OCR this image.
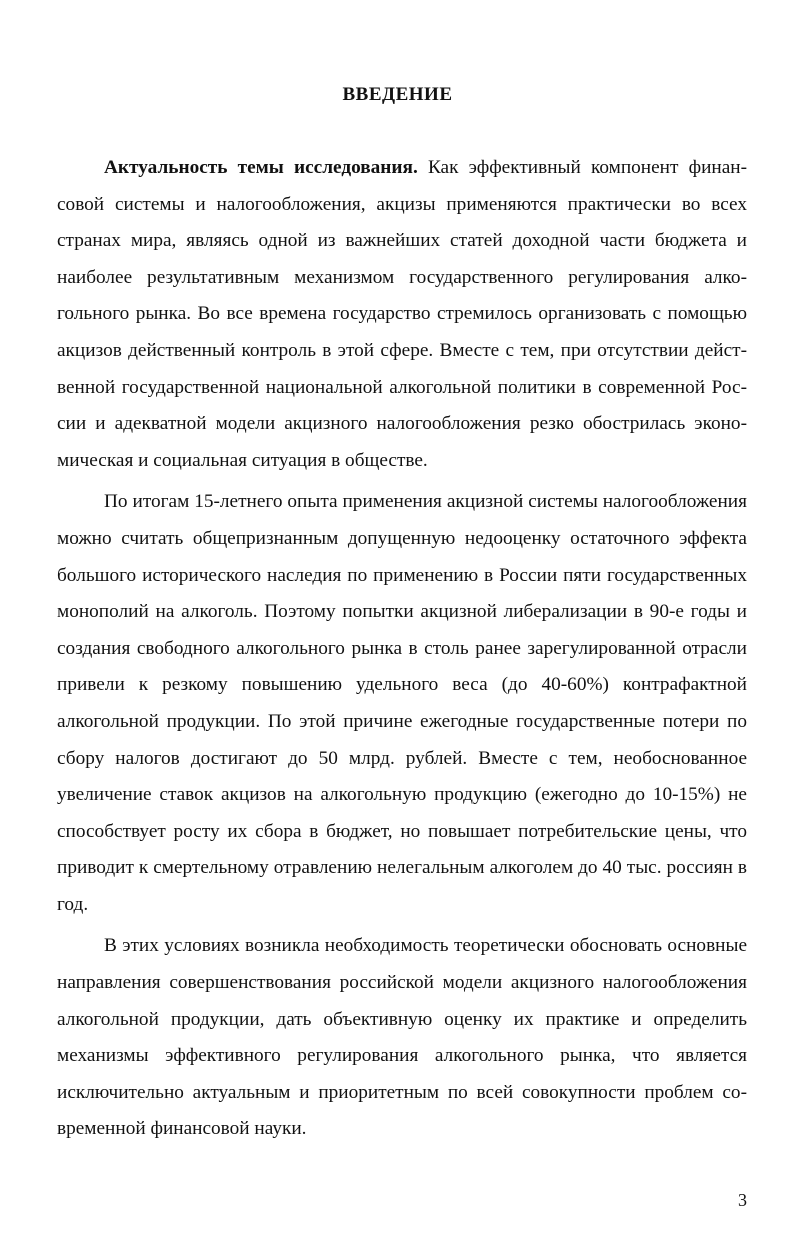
ВВЕДЕНИЕ

Актуальность темы исследования. Как эффективный компонент финансовой системы и налогообложения, акцизы применяются практически во всех странах мира, являясь одной из важнейших статей доходной части бюджета и наиболее результативным механизмом государственного регулирования алкогольного рынка. Во все времена государство стремилось организовать с помощью акцизов действенный контроль в этой сфере. Вместе с тем, при отсутствии действенной государственной национальной алкогольной политики в современной России и адекватной модели акцизного налогообложения резко обострилась экономическая и социальная ситуация в обществе.

По итогам 15-летнего опыта применения акцизной системы налогообложения можно считать общепризнанным допущенную недооценку остаточного эффекта большого исторического наследия по применению в России пяти государственных монополий на алкоголь. Поэтому попытки акцизной либерализации в 90-е годы и создания свободного алкогольного рынка в столь ранее зарегулированной отрасли привели к резкому повышению удельного веса (до 40-60%) контрафактной алкогольной продукции. По этой причине ежегодные государственные потери по сбору налогов достигают до 50 млрд. рублей. Вместе с тем, необоснованное увеличение ставок акцизов на алкогольную продукцию (ежегодно до 10-15%) не способствует росту их сбора в бюджет, но повышает потребительские цены, что приводит к смертельному отравлению нелегальным алкоголем до 40 тыс. россиян в год.

В этих условиях возникла необходимость теоретически обосновать основные направления совершенствования российской модели акцизного налогообложения алкогольной продукции, дать объективную оценку их практике и определить механизмы эффективного регулирования алкогольного рынка, что является исключительно актуальным и приоритетным по всей совокупности проблем современной финансовой науки.

3
